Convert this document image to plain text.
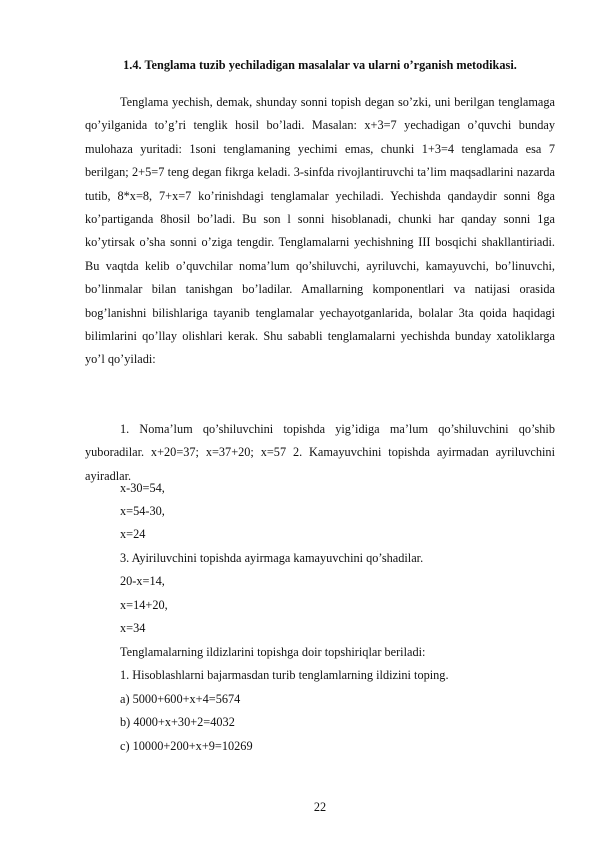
1.4. Tenglama tuzib yechiladigan masalalar va ularni o’rganish metodikasi.

Tenglama yechish, demak, shunday sonni topish degan so’zki, uni berilgan tenglamaga qo’yilganida to’g’ri tenglik hosil bo’ladi. Masalan: x+3=7 yechadigan o’quvchi bunday mulohaza yuritadi: 1soni tenglamaning yechimi emas, chunki 1+3=4 tenglamada esa 7 berilgan; 2+5=7 teng degan fikrga keladi. 3-sinfda rivojlantiruvchi ta’lim maqsadlarini nazarda tutib, 8*x=8, 7+x=7 ko’rinishdagi tenglamalar yechiladi. Yechishda qandaydir sonni 8ga ko’partiganda 8hosil bo’ladi. Bu son l sonni hisoblanadi, chunki har qanday sonni 1ga ko’ytirsak o’sha sonni o’ziga tengdir. Tenglamalarni yechishning III bosqichi shakllantiriadi. Bu vaqtda kelib o’quvchilar noma’lum qo’shiluvchi, ayriluvchi, kamayuvchi, bo’linuvchi, bo’linmalar bilan tanishgan bo’ladilar. Amallarning komponentlari va natijasi orasida bog’lanishni bilishlariga tayanib tenglamalar yechayotganlarida, bolalar 3ta qoida haqidagi bilimlarini qo’llay olishlari kerak. Shu sababli tenglamalarni yechishda bunday xatoliklarga yo’l qo’yiladi:

1. Noma’lum qo’shiluvchini topishda yig’idiga ma’lum qo’shiluvchini qo’shib yuboradilar. x+20=37; x=37+20; x=57 2. Kamayuvchini topishda ayirmadan ayriluvchini ayiradlar.

x-30=54,
x=54-30,
x=24
3. Ayiriluvchini topishda ayirmaga kamayuvchini qo’shadilar.
20-x=14,
x=14+20,
x=34
Tenglamalarning ildizlarini topishga doir topshiriqlar beriladi:
1. Hisoblashlarni bajarmasdan turib tenglamlarning ildizini toping.
a) 5000+600+x+4=5674
b) 4000+x+30+2=4032
c) 10000+200+x+9=10269
22
